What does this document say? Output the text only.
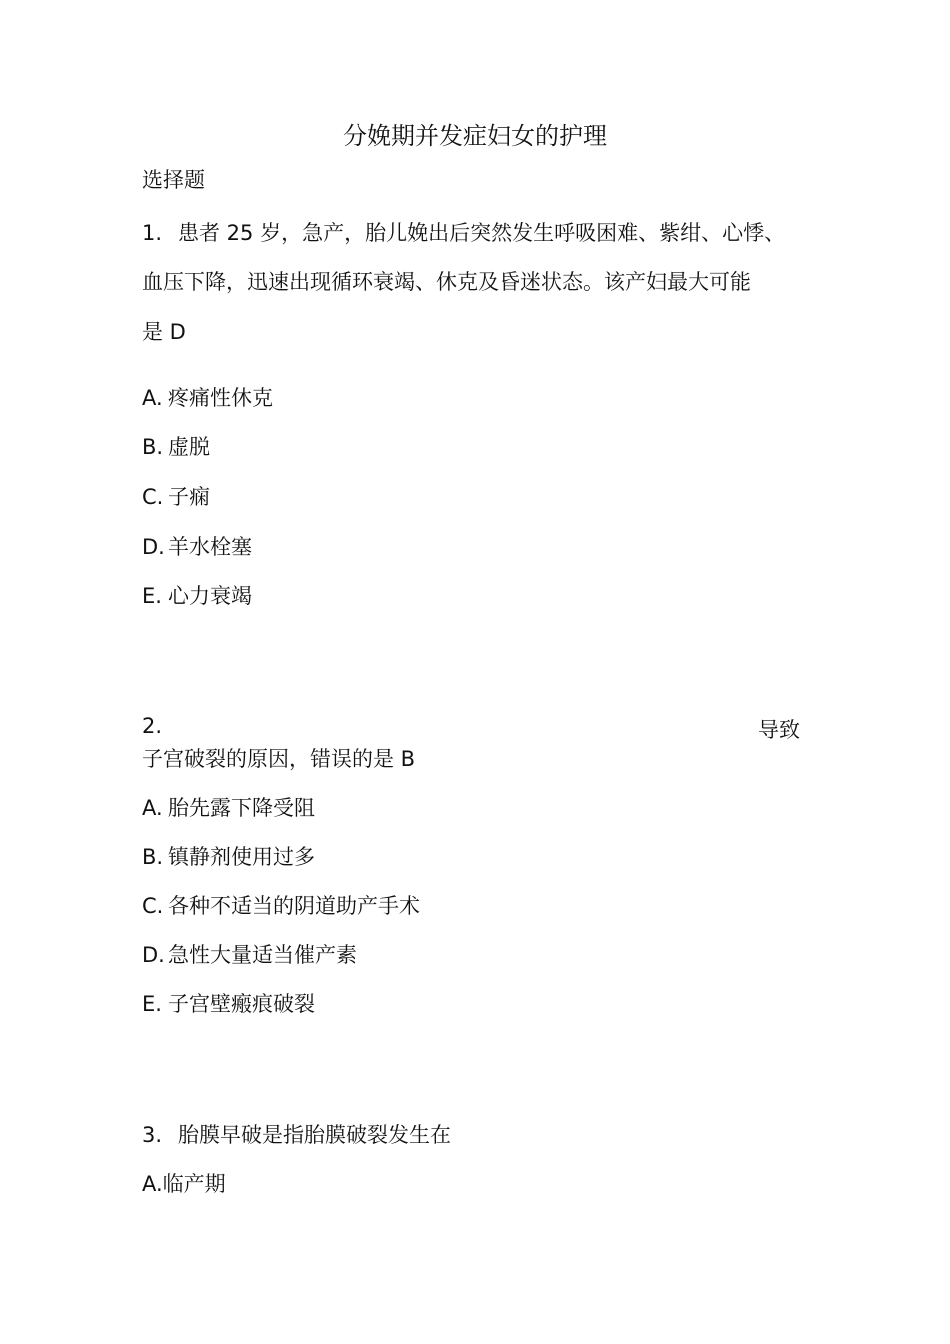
分娩期并发症妇女的护理
选择题
1. 患者 25 岁，急产，胎儿娩出后突然发生呼吸困难、紫绀、心悸、
血压下降，迅速出现循环衰竭、休克及昏迷状态。该产妇最大可能
是 D
A. 疼痛性休克
B. 虚脱
C. 子痫
D. 羊水栓塞
E. 心力衰竭
2.	导致
子宫破裂的原因，错误的是 B
A. 胎先露下降受阻
B. 镇静剂使用过多
C. 各种不适当的阴道助产手术
D. 急性大量适当催产素
E. 子宫壁瘢痕破裂
3. 胎膜早破是指胎膜破裂发生在
A.临产期
